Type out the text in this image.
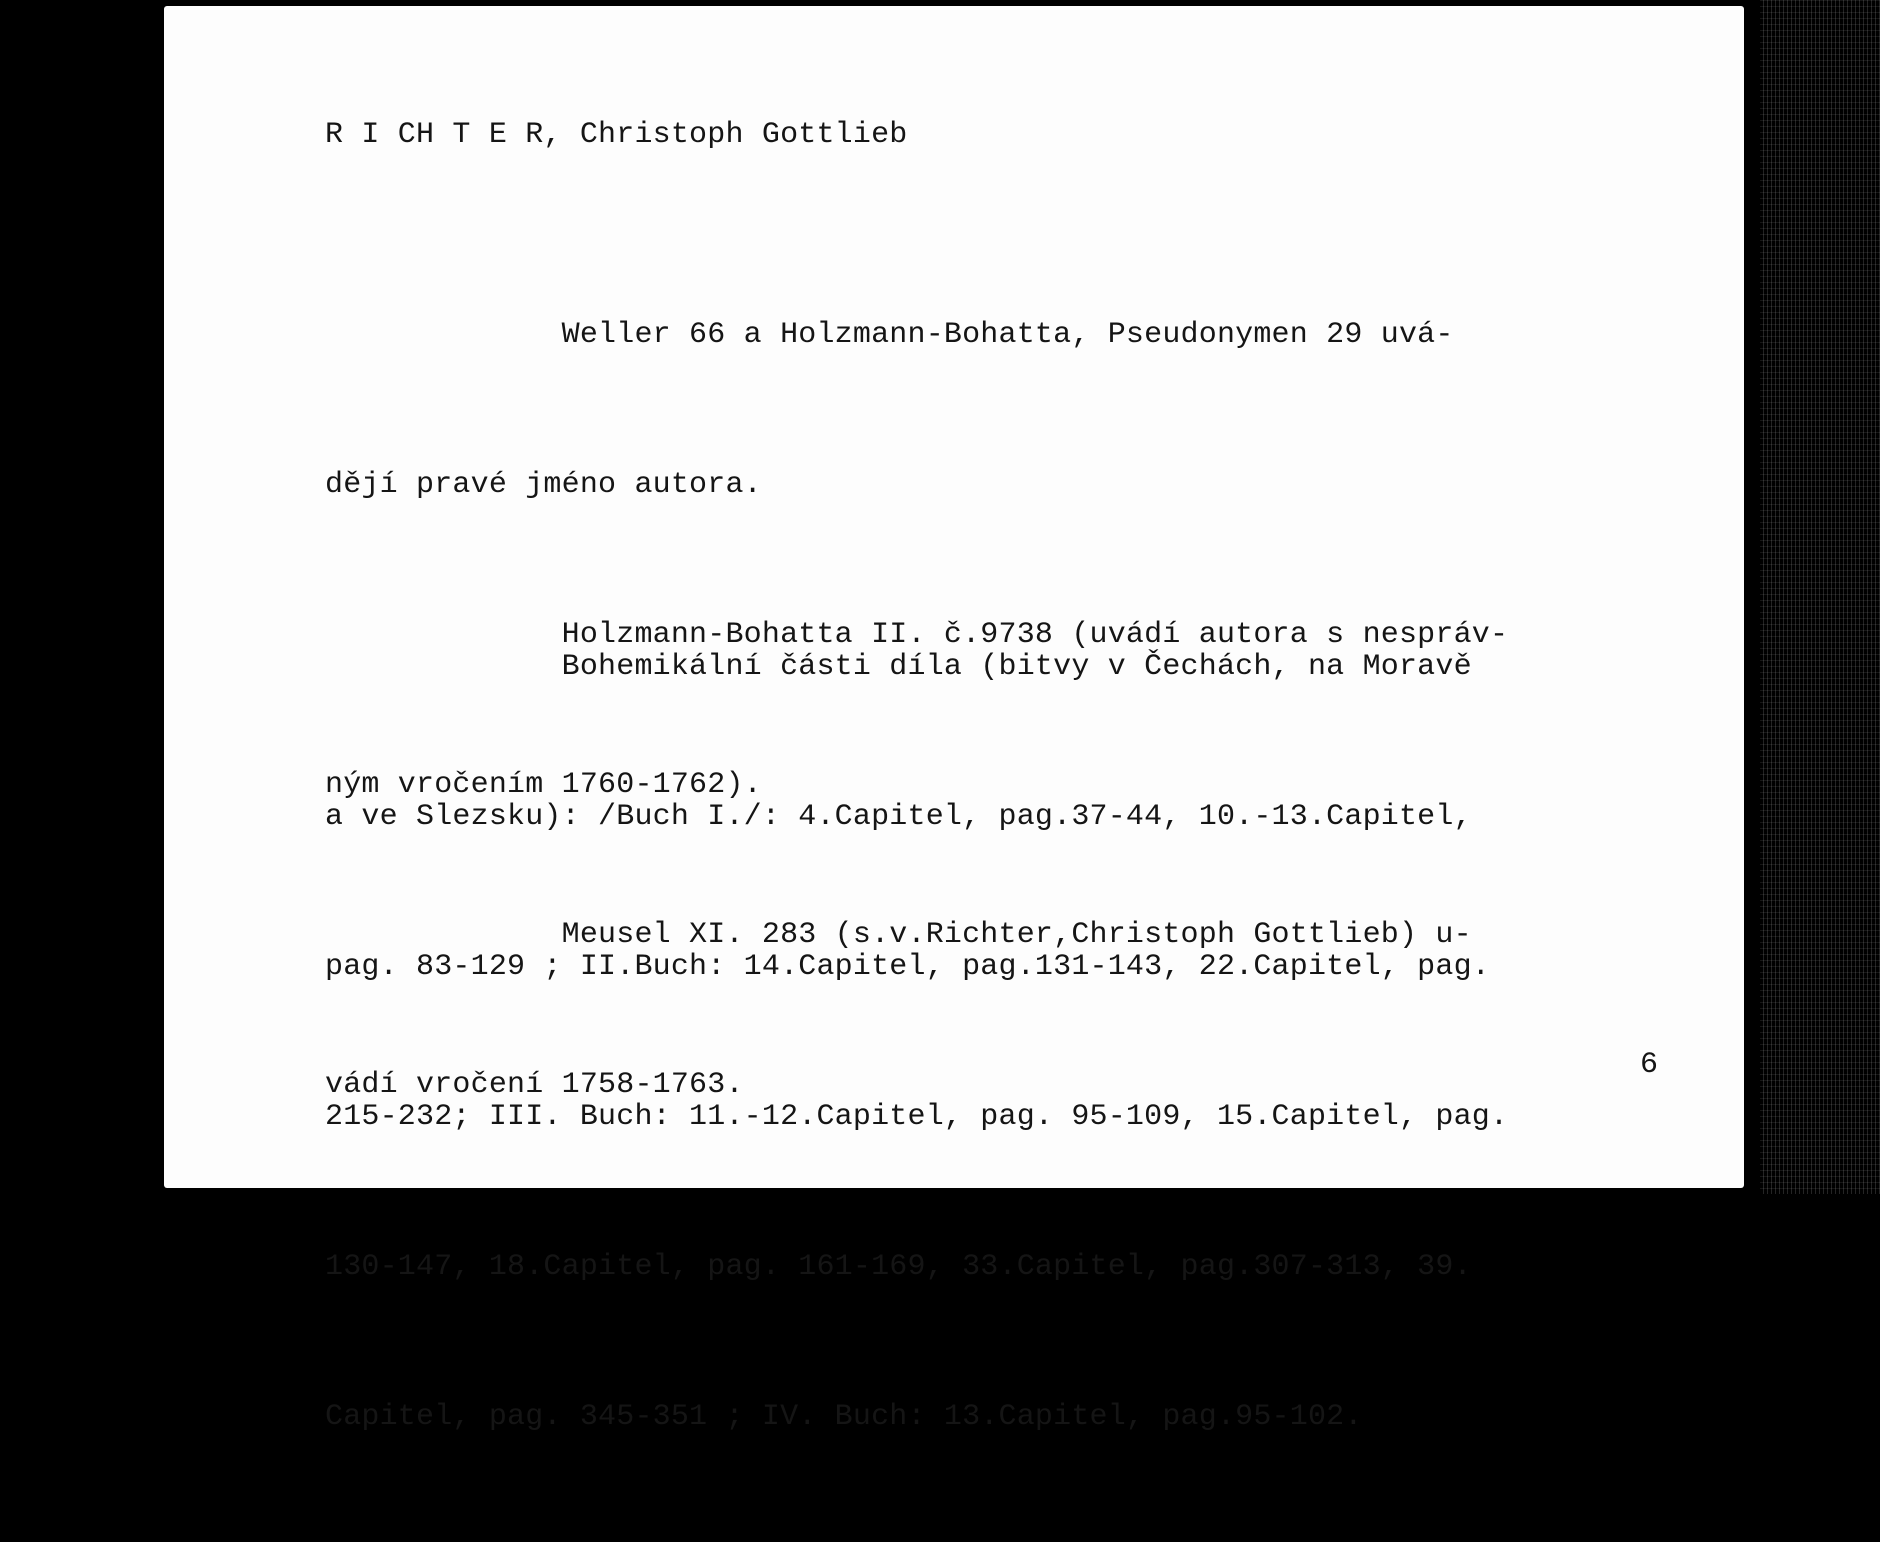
R I CH T E R, Christoph Gottlieb

Weller 66 a Holzmann-Bohatta, Pseudonymen 29 uvá-

dějí pravé jméno autora.

Holzmann-Bohatta II. č.9738 (uvádí autora s nespráv-

ným vročením 1760-1762).

Meusel XI. 283 (s.v.Richter,Christoph Gottlieb) u-

vádí vročení 1758-1763.

Bohemikální části díla (bitvy v Čechách, na Moravě

a ve Slezsku): /Buch I./: 4.Capitel, pag.37-44, 10.-13.Capitel,

pag. 83-129 ; II.Buch: 14.Capitel, pag.131-143, 22.Capitel, pag.

215-232; III. Buch: 11.-12.Capitel, pag. 95-109, 15.Capitel, pag.

130-147, 18.Capitel, pag. 161-169, 33.Capitel, pag.307-313, 39.

Capitel, pag. 345-351 ; IV. Buch: 13.Capitel, pag.95-102.

6
